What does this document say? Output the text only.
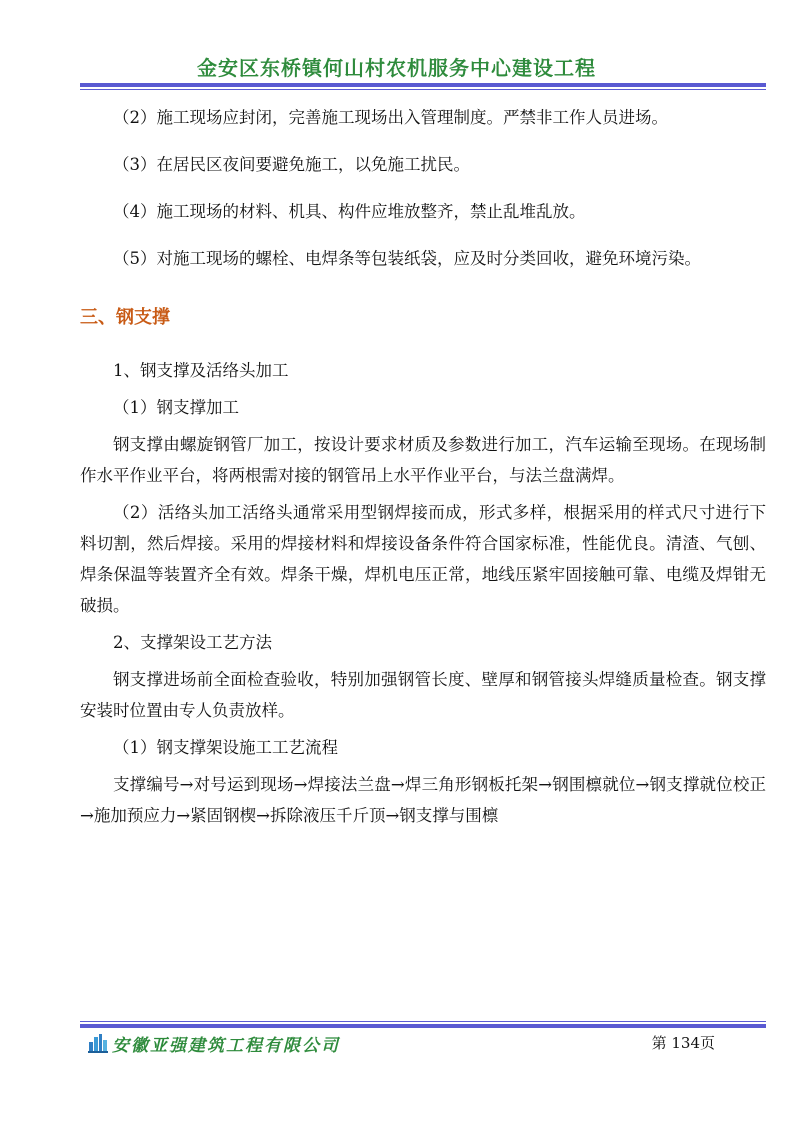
金安区东桥镇何山村农机服务中心建设工程

（2）施工现场应封闭，完善施工现场出入管理制度。严禁非工作人员进场。

（3）在居民区夜间要避免施工，以免施工扰民。

（4）施工现场的材料、机具、构件应堆放整齐，禁止乱堆乱放。

（5）对施工现场的螺栓、电焊条等包装纸袋，应及时分类回收，避免环境污染。

三、钢支撑

1、钢支撑及活络头加工

（1）钢支撑加工

钢支撑由螺旋钢管厂加工，按设计要求材质及参数进行加工，汽车运输至现场。在现场制作水平作业平台，将两根需对接的钢管吊上水平作业平台，与法兰盘满焊。

（2）活络头加工活络头通常采用型钢焊接而成，形式多样，根据采用的样式尺寸进行下料切割，然后焊接。采用的焊接材料和焊接设备条件符合国家标准，性能优良。清渣、气刨、焊条保温等装置齐全有效。焊条干燥，焊机电压正常，地线压紧牢固接触可靠、电缆及焊钳无破损。

2、支撑架设工艺方法

钢支撑进场前全面检查验收，特别加强钢管长度、壁厚和钢管接头焊缝质量检查。钢支撑安装时位置由专人负责放样。

（1）钢支撑架设施工工艺流程

支撑编号→对号运到现场→焊接法兰盘→焊三角形钢板托架→钢围檩就位→钢支撑就位校正→施加预应力→紧固钢楔→拆除液压千斤顶→钢支撑与围檩

安徽亚强建筑工程有限公司	第 134页
